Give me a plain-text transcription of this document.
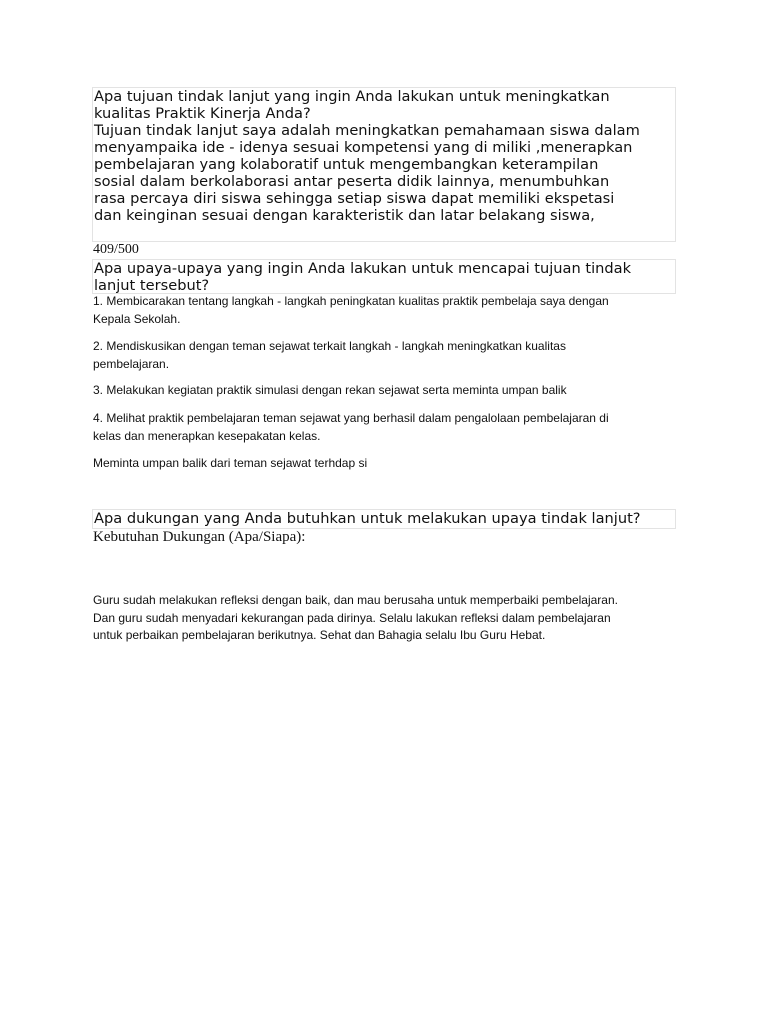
Apa tujuan tindak lanjut yang ingin Anda lakukan untuk meningkatkan
kualitas Praktik Kinerja Anda?
Tujuan tindak lanjut saya adalah meningkatkan pemahamaan siswa dalam
menyampaika ide - idenya sesuai kompetensi yang di miliki ,menerapkan
pembelajaran yang kolaboratif untuk mengembangkan keterampilan
sosial dalam berkolaborasi antar peserta didik lainnya, menumbuhkan
rasa percaya diri siswa sehingga setiap siswa dapat memiliki ekspetasi
dan keinginan sesuai dengan karakteristik dan latar belakang siswa,
409/500
Apa upaya-upaya yang ingin Anda lakukan untuk mencapai tujuan tindak
lanjut tersebut?
1. Membicarakan tentang langkah - langkah peningkatan kualitas praktik pembelaja saya dengan
Kepala Sekolah.
2. Mendiskusikan dengan teman sejawat terkait langkah - langkah meningkatkan kualitas
pembelajaran.
3. Melakukan kegiatan praktik simulasi dengan rekan sejawat serta meminta umpan balik
4. Melihat praktik pembelajaran teman sejawat yang berhasil dalam pengalolaan pembelajaran di
kelas dan menerapkan kesepakatan kelas.
Meminta umpan balik dari teman sejawat terhdap si
Apa dukungan yang Anda butuhkan untuk melakukan upaya tindak lanjut?
Kebutuhan Dukungan (Apa/Siapa):
Guru sudah melakukan refleksi dengan baik, dan mau berusaha untuk memperbaiki pembelajaran.
Dan guru sudah menyadari kekurangan pada dirinya. Selalu lakukan refleksi dalam pembelajaran
untuk perbaikan pembelajaran berikutnya. Sehat dan Bahagia selalu Ibu Guru Hebat.
